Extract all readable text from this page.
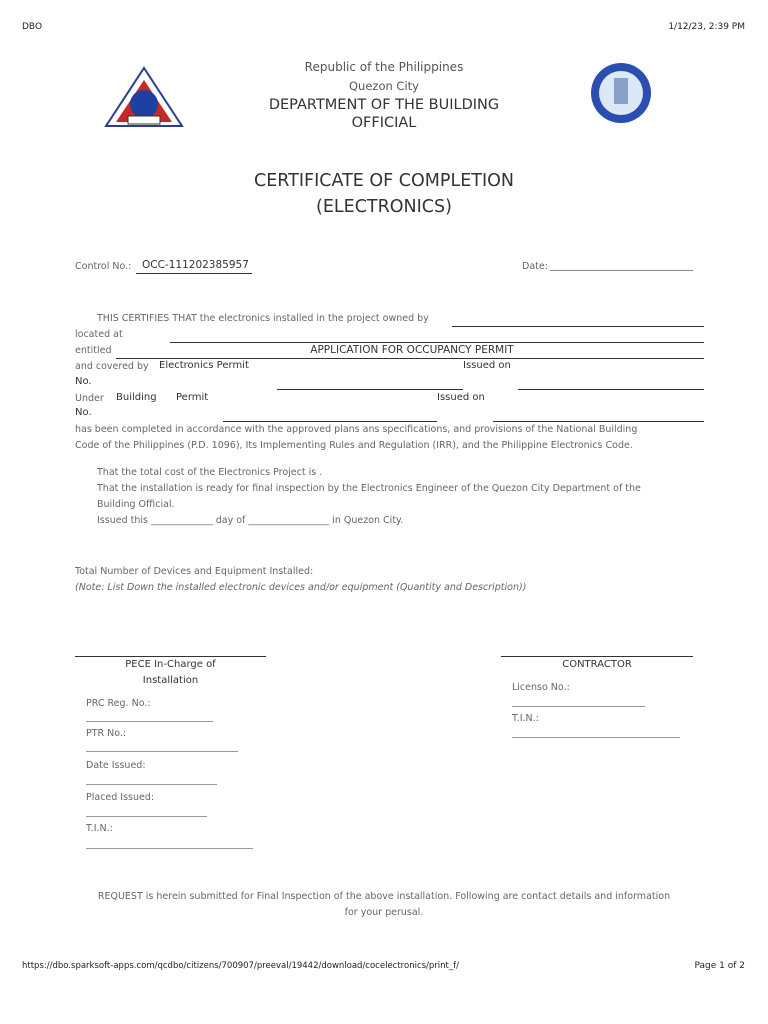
DBO	1/12/23, 2:39 PM
Republic of the Philippines
Quezon City
DEPARTMENT OF THE BUILDING
OFFICIAL
CERTIFICATE OF COMPLETION
(ELECTRONICS)
Control No.: OCC-111202385957	Date:
THIS CERTIFIES THAT the electronics installed in the project owned by
located at
entitled	APPLICATION FOR OCCUPANCY PERMIT
and covered by Electronics Permit	Issued on
No.
Under Building Permit	Issued on
No.
has been completed in accordance with the approved plans ans specifications, and provisions of the National Building
Code of the Philippines (P.D. 1096), Its Implementing Rules and Regulation (IRR), and the Philippine Electronics Code.
That the total cost of the Electronics Project is .
That the installation is ready for final inspection by the Electronics Engineer of the Quezon City Department of the
Building Official.
Issued this _____________ day of _________________ in Quezon City.
Total Number of Devices and Equipment Installed:
(Note: List Down the installed electronic devices and/or equipment (Quantity and Description))
PECE In-Charge of
Installation
PRC Reg. No.:
PTR No.:
Date Issued:
Placed Issued:
T.I.N.:
CONTRACTOR
Licenso No.:
T.I.N.:
REQUEST is herein submitted for Final Inspection of the above installation. Following are contact details and information
for your perusal.
https://dbo.sparksoft-apps.com/qcdbo/citizens/700907/preeval/19442/download/cocelectronics/print_f/	Page 1 of 2
